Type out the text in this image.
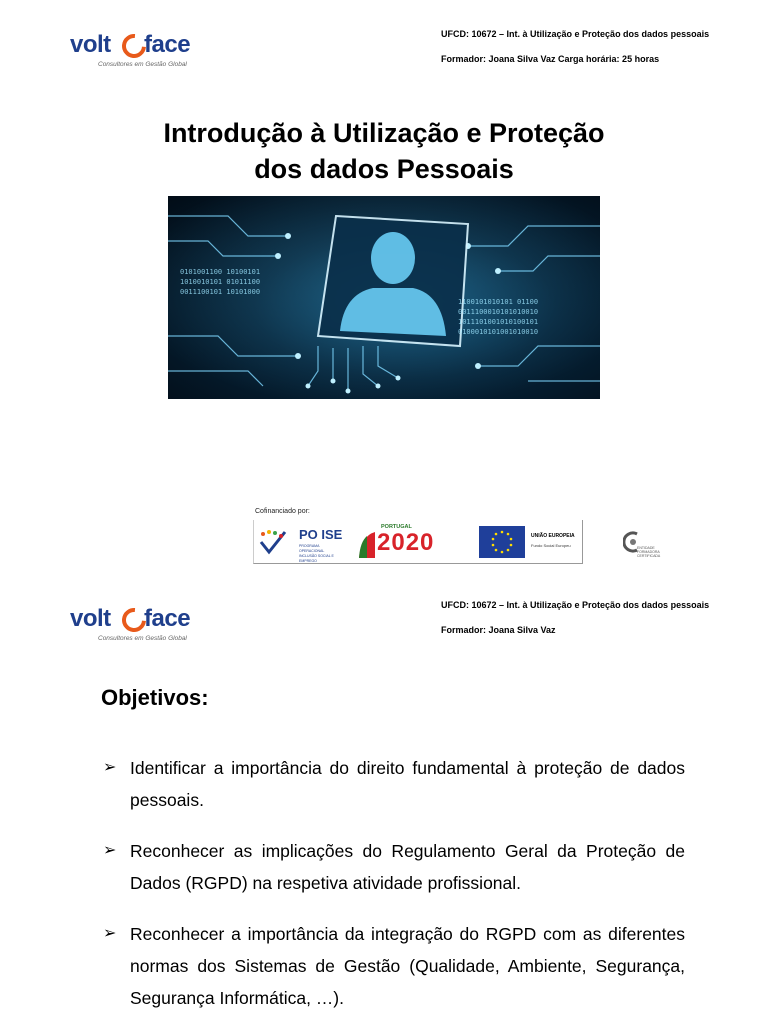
volt face
Consultores em Gestão Global
UFCD: 10672 – Int. à Utilização e Proteção dos dados pessoais
Formador: Joana Silva Vaz Carga horária: 25 horas
Introdução à Utilização e Proteção
dos dados Pessoais
0101001100 10100101
1010010101 01011100
0011100101 10101000
1100101010101 01100
0011100010101010010
1011101001010100101
0100010101001010010
Cofinanciado por:
PO ISE
PROGRAMA OPERACIONAL INCLUSÃO SOCIAL E EMPREGO
PORTUGAL
2020	UNIÃO EUROPEIA
Fundo Social Europeu	ENTIDADE FORMADORA CERTIFICADA
volt face
Consultores em Gestão Global
UFCD: 10672 – Int. à Utilização e Proteção dos dados pessoais
Formador: Joana Silva Vaz
Objetivos:
➢ Identificar a importância do direito fundamental à proteção de dados pessoais.
➢ Reconhecer as implicações do Regulamento Geral da Proteção de Dados (RGPD) na respetiva atividade profissional.
➢ Reconhecer a importância da integração do RGPD com as diferentes normas dos Sistemas de Gestão (Qualidade, Ambiente, Segurança, Segurança Informática, …).
